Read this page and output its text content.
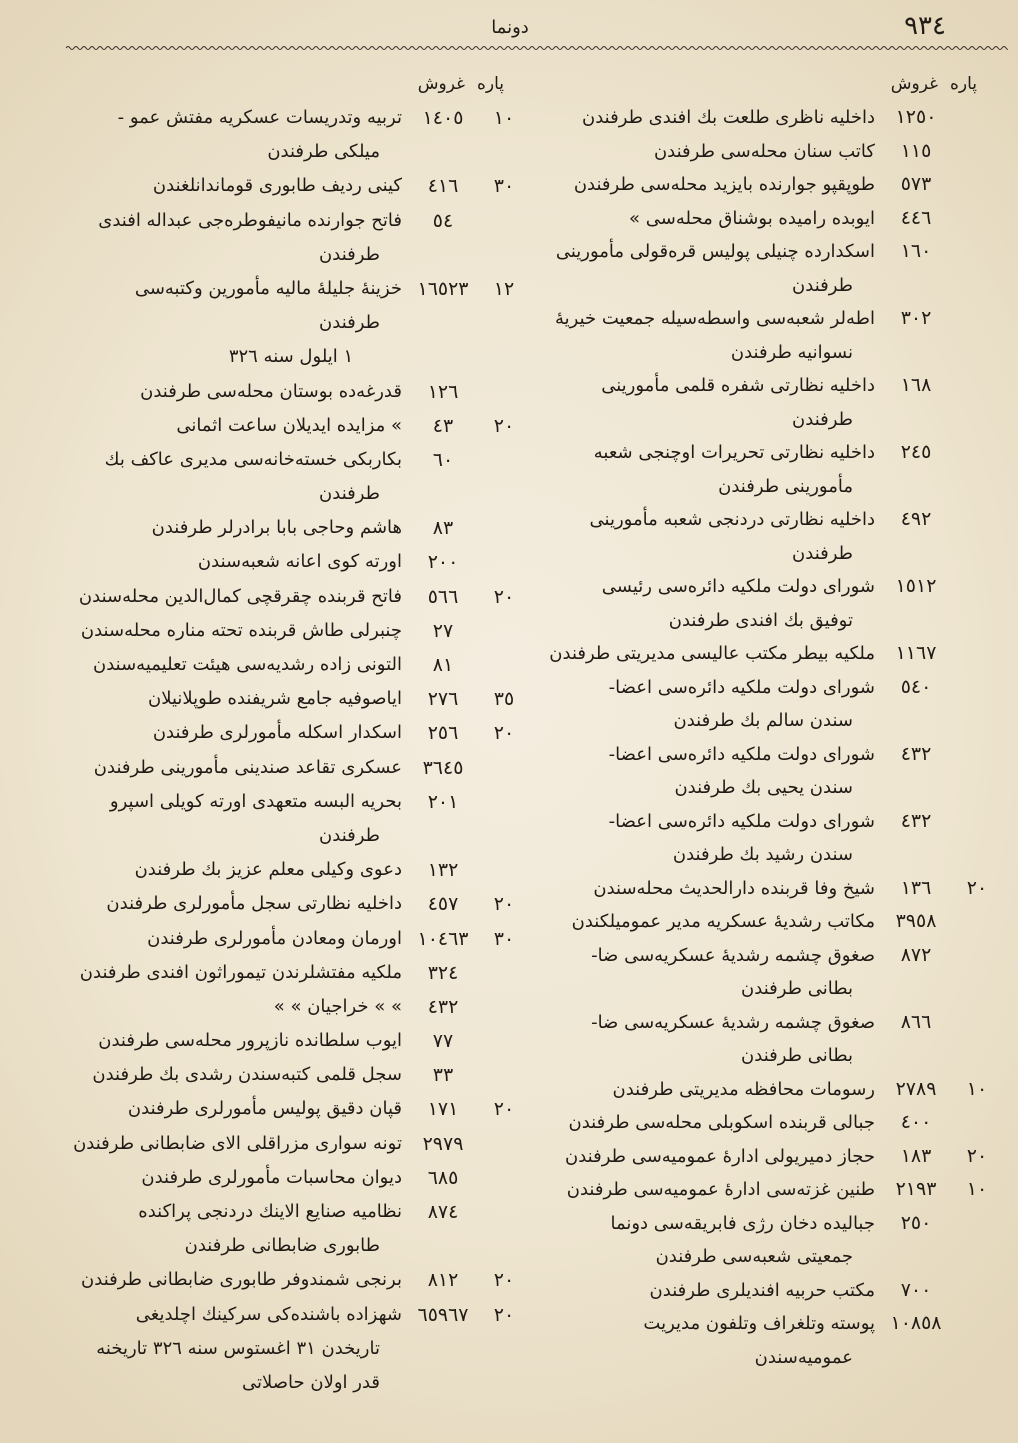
٩٣٤
دونما
پارهغروش
١٢٥٠
داخليه ناظرى طلعت بك افندى طرفندن
١١٥
كاتب سنان محله‌سى طرفندن
٥٧٣
طوپقپو جوارنده بايزيد محله‌سى طرفندن
٤٤٦
ايوبده راميده بوشناق محله‌سى »
١٦٠
اسكدارده چنيلى پوليس قره‌قولى مأمورينى
طرفندن
٣٠٢
اطه‌لر شعبه‌سى واسطه‌سيله جمعيت خيريۀ
نسوانيه طرفندن
١٦٨
داخليه نظارتى شفره قلمى مأمورينى
طرفندن
٢٤٥
داخليه نظارتى تحريرات اوچنجى شعبه
مأمورينى طرفندن
٤٩٢
داخليه نظارتى دردنجى شعبه مأمورينى
طرفندن
١٥١٢
شوراى دولت ملكيه دائره‌سى رئيسى
توفيق بك افندى طرفندن
١١٦٧
ملكيه بيطر مكتب عاليسى مديريتى طرفندن
٥٤٠
شوراى دولت ملكيه دائره‌سى اعضا-
سندن سالم بك طرفندن
٤٣٢
شوراى دولت ملكيه دائره‌سى اعضا-
سندن يحيى بك طرفندن
٤٣٢
شوراى دولت ملكيه دائره‌سى اعضا-
سندن رشيد بك طرفندن
٢٠
١٣٦
شيخ وفا قربنده دارالحديث محله‌سندن
٣٩٥٨
مكاتب رشديۀ عسكريه مدير عموميلكندن
٨٧٢
صغوق چشمه رشديۀ عسكريه‌سى ضا-
بطانى طرفندن
٨٦٦
صغوق چشمه رشديۀ عسكريه‌سى ضا-
بطانى طرفندن
١٠
٢٧٨٩
رسومات محافظه مديريتى طرفندن
٤٠٠
جبالى قربنده اسكوبلى محله‌سى طرفندن
٢٠
١٨٣
حجاز دميريولى ادارۀ عموميه‌سى طرفندن
١٠
٢١٩٣
طنين غزته‌سى ادارۀ عموميه‌سى طرفندن
٢٥٠
جباليده دخان رژى فابريقه‌سى دونما
جمعيتى شعبه‌سى طرفندن
٧٠٠
مكتب حربيه افنديلرى طرفندن
١٠٨٥٨
پوسته وتلغراف وتلفون مديريت
عموميه‌سندن
پارهغروش
١٠
١٤٠٥
تربيه وتدريسات عسكريه مفتش عمو -
ميلكى طرفندن
٣٠
٤١٦
كينى رديف طابورى قوماندانلغندن
٥٤
فاتح جوارنده مانيفوطره‌جى عبداله افندى
طرفندن
١٢
١٦٥٢٣
خزينۀ جليلۀ ماليه مأمورين وكتبه‌سى
طرفندن
١ ايلول سنه ٣٢٦
١٢٦
قدرغه‌ده بوستان محله‌سى طرفندن
٢٠
٤٣
» مزايده ايديلان ساعت اثمانى
٦٠
بكاربكى خسته‌خانه‌سى مديرى عاكف بك
طرفندن
٨٣
هاشم وحاجى بابا برادرلر طرفندن
٢٠٠
اورته كوى اعانه شعبه‌سندن
٢٠
٥٦٦
فاتح قربنده چقرقچى كمال‌الدين محله‌سندن
٢٧
چنبرلى طاش قربنده تحته مناره محله‌سندن
٨١
التونى زاده رشديه‌سى هيئت تعليميه‌سندن
٣٥
٢٧٦
اياصوفيه جامع شريفنده طوپلانيلان
٢٠
٢٥٦
اسكدار اسكله مأمورلرى طرفندن
٣٦٤٥
عسكرى تقاعد صندينى مأمورينى طرفندن
٢٠١
بحريه البسه متعهدى اورته كويلى اسپرو
طرفندن
١٣٢
دعوى وكيلى معلم عزيز بك طرفندن
٢٠
٤٥٧
داخليه نظارتى سجل مأمورلرى طرفندن
٣٠
١٠٤٦٣
اورمان ومعادن مأمورلرى طرفندن
٣٢٤
ملكيه مفتشلرندن تيموراثون افندى طرفندن
٤٣٢
» » خراجيان » »
٧٧
ايوب سلطانده نازپرور محله‌سى طرفندن
٣٣
سجل قلمى كتبه‌سندن رشدى بك طرفندن
٢٠
١٧١
قپان دقيق پوليس مأمورلرى طرفندن
٢٩٧٩
تونه سوارى مزراقلى الاى ضابطانى طرفندن
٦٨٥
ديوان محاسبات مأمورلرى طرفندن
٨٧٤
نظاميه صنايع الاينك دردنجى پراكنده
طابورى ضابطانى طرفندن
٢٠
٨١٢
برنجى شمندوفر طابورى ضابطانى طرفندن
٢٠
٦٥٩٦٧
شهزاده باشنده‌كى سركينك اچلديغى
تاريخدن ٣١ اغستوس سنه ٣٢٦ تاريخنه
قدر اولان حاصلاتى
